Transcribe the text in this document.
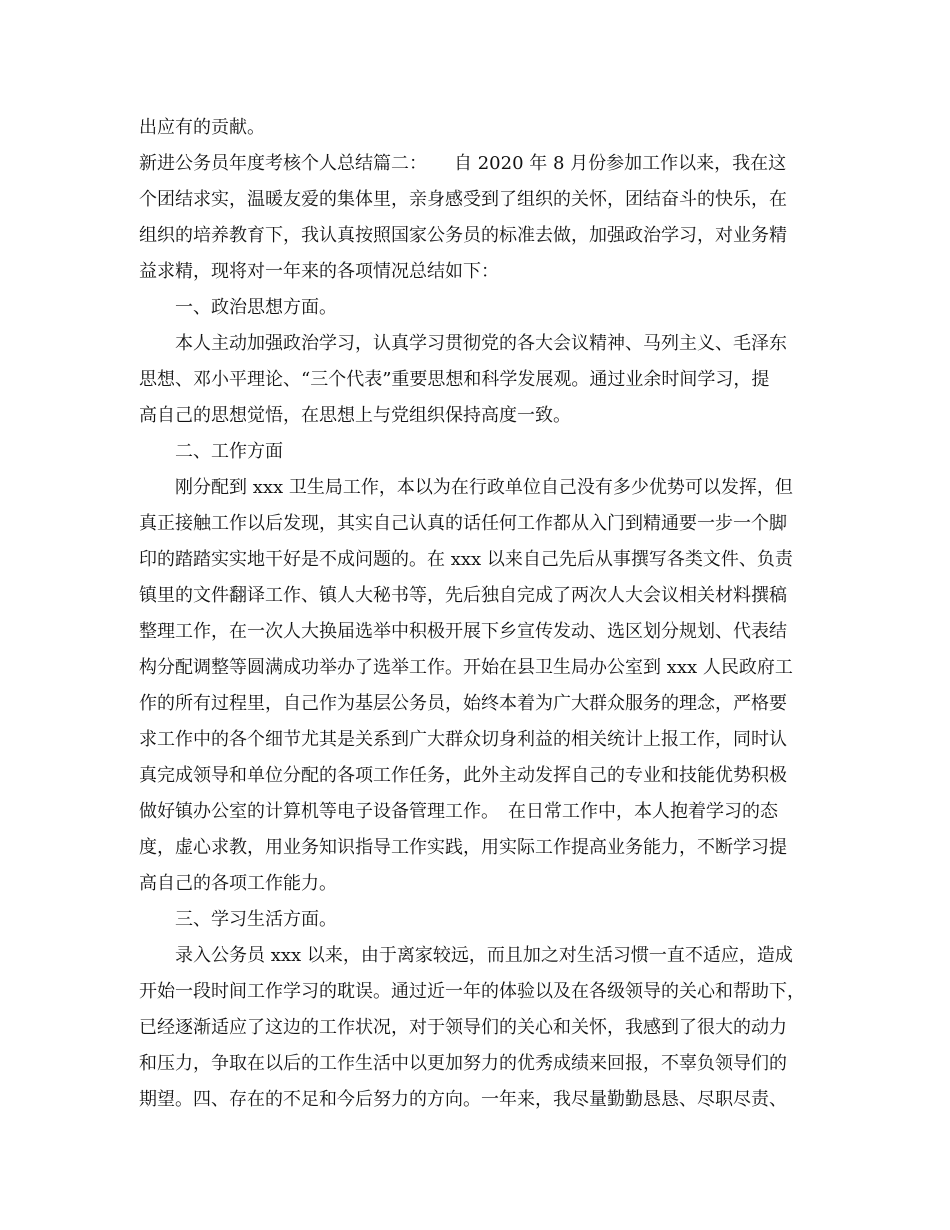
出应有的贡献。
新进公务员年度考核个人总结篇二：　　自 2020 年 8 月份参加工作以来，我在这
个团结求实，温暖友爱的集体里，亲身感受到了组织的关怀，团结奋斗的快乐，在
组织的培养教育下，我认真按照国家公务员的标准去做，加强政治学习，对业务精
益求精，现将对一年来的各项情况总结如下：
一、政治思想方面。
本人主动加强政治学习，认真学习贯彻党的各大会议精神、马列主义、毛泽东
思想、邓小平理论、“三个代表”重要思想和科学发展观。通过业余时间学习，提
高自己的思想觉悟，在思想上与党组织保持高度一致。
二、工作方面
刚分配到 xxx 卫生局工作，本以为在行政单位自己没有多少优势可以发挥，但
真正接触工作以后发现，其实自己认真的话任何工作都从入门到精通要一步一个脚
印的踏踏实实地干好是不成问题的。在 xxx 以来自己先后从事撰写各类文件、负责
镇里的文件翻译工作、镇人大秘书等，先后独自完成了两次人大会议相关材料撰稿
整理工作，在一次人大换届选举中积极开展下乡宣传发动、选区划分规划、代表结
构分配调整等圆满成功举办了选举工作。开始在县卫生局办公室到 xxx 人民政府工
作的所有过程里，自己作为基层公务员，始终本着为广大群众服务的理念，严格要
求工作中的各个细节尤其是关系到广大群众切身利益的相关统计上报工作，同时认
真完成领导和单位分配的各项工作任务，此外主动发挥自己的专业和技能优势积极
做好镇办公室的计算机等电子设备管理工作。　在日常工作中，本人抱着学习的态
度，虚心求教，用业务知识指导工作实践，用实际工作提高业务能力，不断学习提
高自己的各项工作能力。
三、学习生活方面。
录入公务员 xxx 以来，由于离家较远，而且加之对生活习惯一直不适应，造成
开始一段时间工作学习的耽误。通过近一年的体验以及在各级领导的关心和帮助下，
已经逐渐适应了这边的工作状况，对于领导们的关心和关怀，我感到了很大的动力
和压力，争取在以后的工作生活中以更加努力的优秀成绩来回报，不辜负领导们的
期望。四、存在的不足和今后努力的方向。一年来，我尽量勤勤恳恳、尽职尽责、
